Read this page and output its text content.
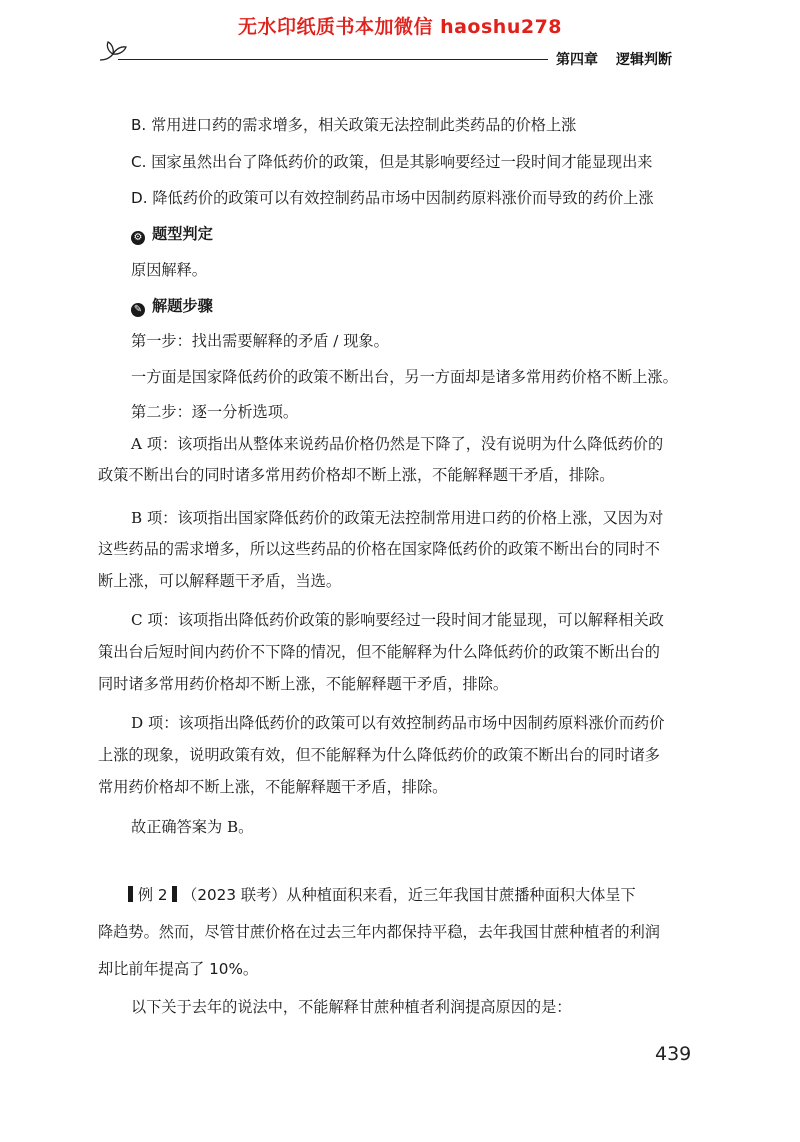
无水印纸质书本加微信 haoshu278
第四章 逻辑判断
B. 常用进口药的需求增多，相关政策无法控制此类药品的价格上涨
C. 国家虽然出台了降低药价的政策，但是其影响要经过一段时间才能显现出来
D. 降低药价的政策可以有效控制药品市场中因制药原料涨价而导致的药价上涨
⚙ 题型判定
原因解释。
✎ 解题步骤
第一步：找出需要解释的矛盾 / 现象。
一方面是国家降低药价的政策不断出台，另一方面却是诸多常用药价格不断上涨。
第二步：逐一分析选项。
A 项：该项指出从整体来说药品价格仍然是下降了，没有说明为什么降低药价的
政策不断出台的同时诸多常用药价格却不断上涨，不能解释题干矛盾，排除。
B 项：该项指出国家降低药价的政策无法控制常用进口药的价格上涨，又因为对
这些药品的需求增多，所以这些药品的价格在国家降低药价的政策不断出台的同时不
断上涨，可以解释题干矛盾，当选。
C 项：该项指出降低药价政策的影响要经过一段时间才能显现，可以解释相关政
策出台后短时间内药价不下降的情况，但不能解释为什么降低药价的政策不断出台的
同时诸多常用药价格却不断上涨，不能解释题干矛盾，排除。
D 项：该项指出降低药价的政策可以有效控制药品市场中因制药原料涨价而药价
上涨的现象，说明政策有效，但不能解释为什么降低药价的政策不断出台的同时诸多
常用药价格却不断上涨，不能解释题干矛盾，排除。
故正确答案为 B。
例 2 （2023 联考）从种植面积来看，近三年我国甘蔗播种面积大体呈下
降趋势。然而，尽管甘蔗价格在过去三年内都保持平稳，去年我国甘蔗种植者的利润
却比前年提高了 10%。
以下关于去年的说法中，不能解释甘蔗种植者利润提高原因的是：
439
